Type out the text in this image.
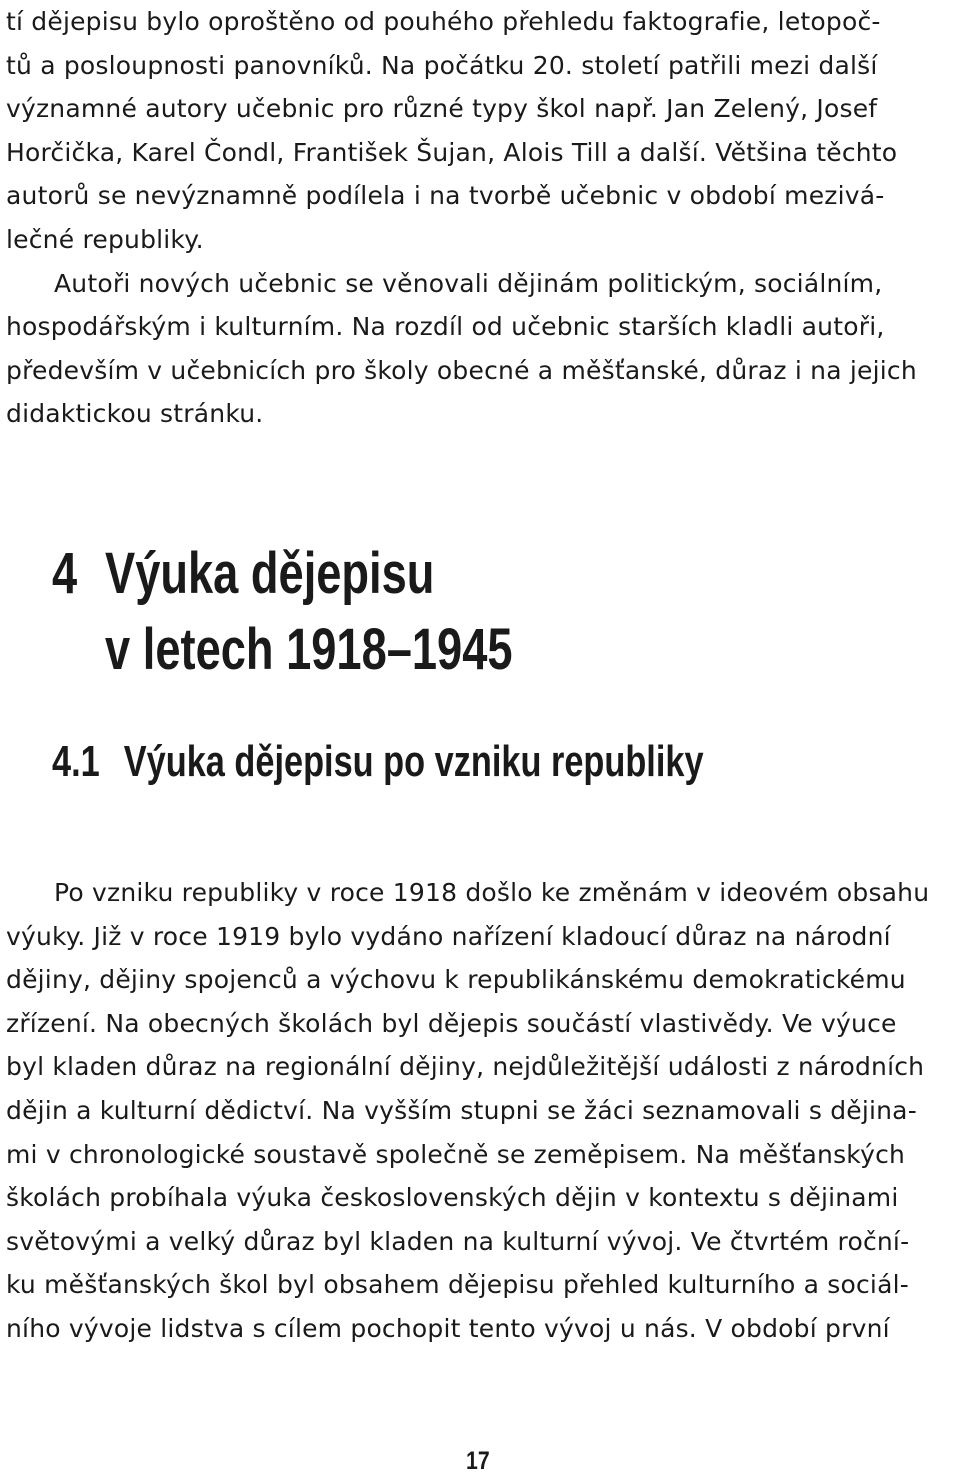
tí dějepisu bylo oproštěno od pouhého přehledu faktografie, letopoč-
tů a posloupnosti panovníků. Na počátku 20. století patřili mezi další
významné autory učebnic pro různé typy škol např. Jan Zelený, Josef
Horčička, Karel Čondl, František Šujan, Alois Till a další. Většina těchto
autorů se nevýznamně podílela i na tvorbě učebnic v období mezivá-
lečné republiky.
Autoři nových učebnic se věnovali dějinám politickým, sociálním,
hospodářským i kulturním. Na rozdíl od učebnic starších kladli autoři,
především v učebnicích pro školy obecné a měšťanské, důraz i na jejich
didaktickou stránku.
4 Výuka dějepisu
v letech 1918–1945
4.1 Výuka dějepisu po vzniku republiky
Po vzniku republiky v roce 1918 došlo ke změnám v ideovém obsahu
výuky. Již v roce 1919 bylo vydáno nařízení kladoucí důraz na národní
dějiny, dějiny spojenců a výchovu k republikánskému demokratickému
zřízení. Na obecných školách byl dějepis součástí vlastivědy. Ve výuce
byl kladen důraz na regionální dějiny, nejdůležitější události z národních
dějin a kulturní dědictví. Na vyšším stupni se žáci seznamovali s dějina-
mi v chronologické soustavě společně se zeměpisem. Na měšťanských
školách probíhala výuka československých dějin v kontextu s dějinami
světovými a velký důraz byl kladen na kulturní vývoj. Ve čtvrtém roční-
ku měšťanských škol byl obsahem dějepisu přehled kulturního a sociál-
ního vývoje lidstva s cílem pochopit tento vývoj u nás. V období první
17
